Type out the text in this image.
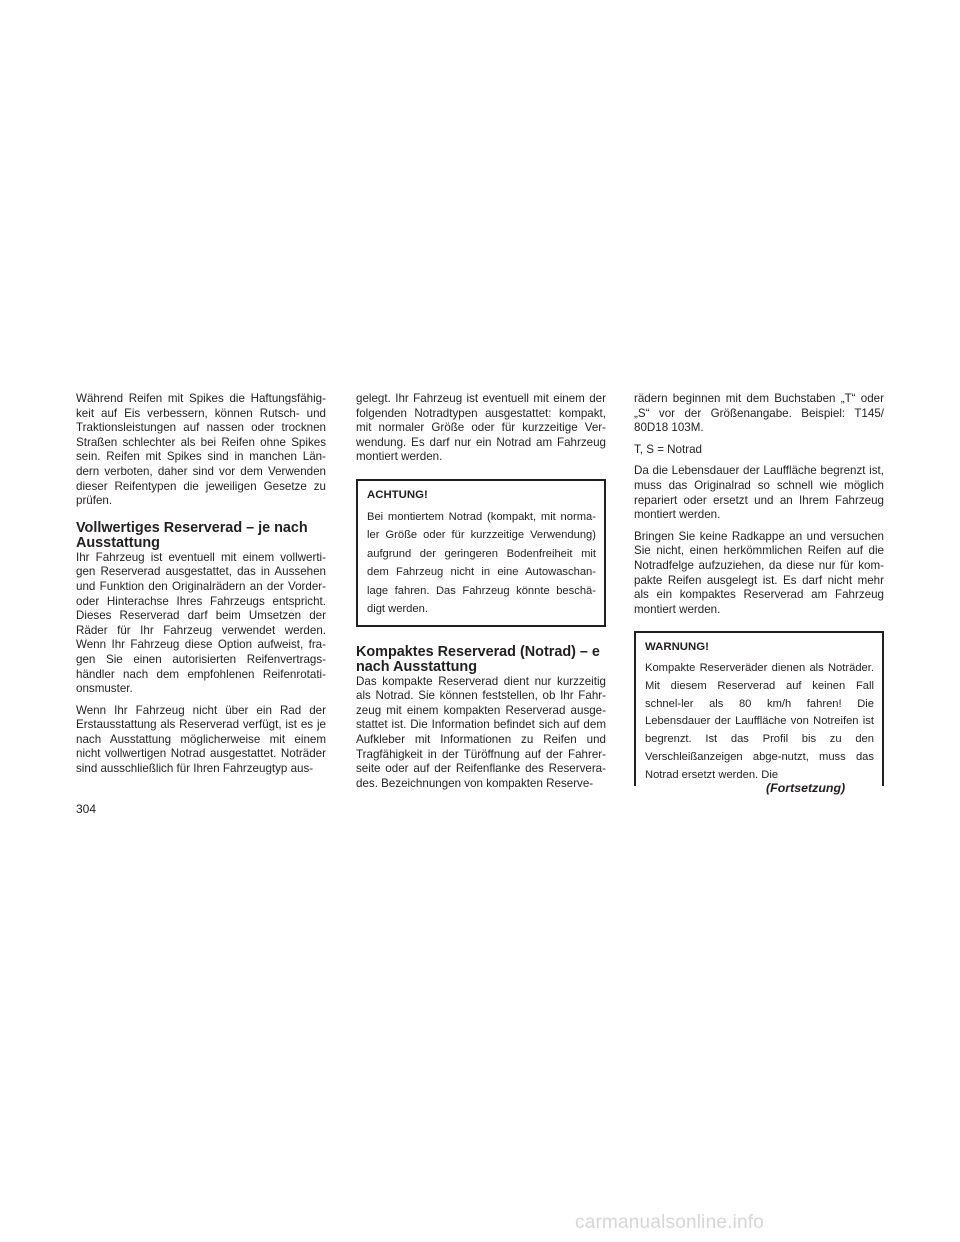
Während Reifen mit Spikes die Haftungsfähig-keit auf Eis verbessern, können Rutsch- und Traktionsleistungen auf nassen oder trocknen Straßen schlechter als bei Reifen ohne Spikes sein. Reifen mit Spikes sind in manchen Län-dern verboten, daher sind vor dem Verwenden dieser Reifentypen die jeweiligen Gesetze zu prüfen.

Vollwertiges Reserverad – je nach Ausstattung

Ihr Fahrzeug ist eventuell mit einem vollwerti-gen Reserverad ausgestattet, das in Aussehen und Funktion den Originalrädern an der Vorder- oder Hinterachse Ihres Fahrzeugs entspricht. Dieses Reserverad darf beim Umsetzen der Räder für Ihr Fahrzeug verwendet werden. Wenn Ihr Fahrzeug diese Option aufweist, fra-gen Sie einen autorisierten Reifenvertrags-händler nach dem empfohlenen Reifenrotati-onsmuster.

Wenn Ihr Fahrzeug nicht über ein Rad der Erstausstattung als Reserverad verfügt, ist es je nach Ausstattung möglicherweise mit einem nicht vollwertigen Notrad ausgestattet. Noträder sind ausschließlich für Ihren Fahrzeugtyp aus-

gelegt. Ihr Fahrzeug ist eventuell mit einem der folgenden Notradtypen ausgestattet: kompakt, mit normaler Größe oder für kurzzeitige Ver-wendung. Es darf nur ein Notrad am Fahrzeug montiert werden.

ACHTUNG!
Bei montiertem Notrad (kompakt, mit norma-ler Größe oder für kurzzeitige Verwendung) aufgrund der geringeren Bodenfreiheit mit dem Fahrzeug nicht in eine Autowaschan-lage fahren. Das Fahrzeug könnte beschä-digt werden.
Kompaktes Reserverad (Notrad) – e nach Ausstattung

Das kompakte Reserverad dient nur kurzzeitig als Notrad. Sie können feststellen, ob Ihr Fahr-zeug mit einem kompakten Reserverad ausge-stattet ist. Die Information befindet sich auf dem Aufkleber mit Informationen zu Reifen und Tragfähigkeit in der Türöffnung auf der Fahrer-seite oder auf der Reifenflanke des Reservera-des. Bezeichnungen von kompakten Reserve-

rädern beginnen mit dem Buchstaben „T“ oder „S“ vor der Größenangabe. Beispiel: T145/ 80D18 103M.

T, S = Notrad

Da die Lebensdauer der Lauffläche begrenzt ist, muss das Originalrad so schnell wie möglich repariert oder ersetzt und an Ihrem Fahrzeug montiert werden.

Bringen Sie keine Radkappe an und versuchen Sie nicht, einen herkömmlichen Reifen auf die Notradfelge aufzuziehen, da diese nur für kom-pakte Reifen ausgelegt ist. Es darf nicht mehr als ein kompaktes Reserverad am Fahrzeug montiert werden.

WARNUNG!
Kompakte Reserveräder dienen als Noträder. Mit diesem Reserverad auf keinen Fall schnel-ler als 80 km/h fahren! Die Lebensdauer der Lauffläche von Notreifen ist begrenzt. Ist das Profil bis zu den Verschleißanzeigen abge-nutzt, muss das Notrad ersetzt werden. Die
(Fortsetzung)
304
carmanualsonline.info
